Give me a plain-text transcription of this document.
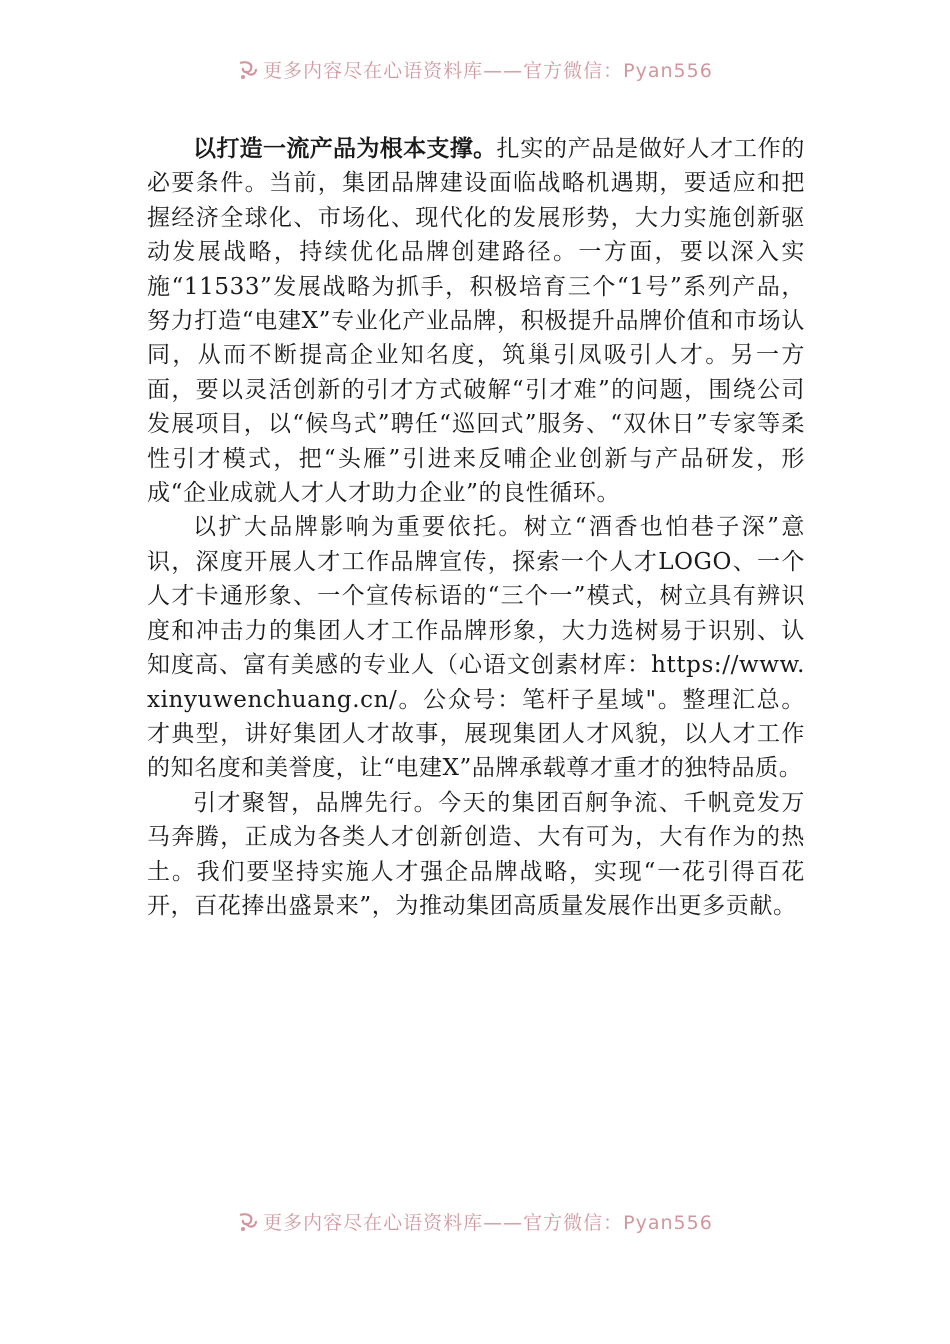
更多内容尽在心语资料库——官方微信：Pyan556

以打造一流产品为根本支撑。扎实的产品是做好人才工作的必要条件。当前，集团品牌建设面临战略机遇期，要适应和把握经济全球化、市场化、现代化的发展形势，大力实施创新驱动发展战略，持续优化品牌创建路径。一方面，要以深入实施“11533”发展战略为抓手，积极培育三个“1号”系列产品，努力打造“电建X”专业化产业品牌，积极提升品牌价值和市场认同，从而不断提高企业知名度，筑巢引凤吸引人才。另一方面，要以灵活创新的引才方式破解“引才难”的问题，围绕公司发展项目，以“候鸟式”聘任“巡回式”服务、“双休日”专家等柔性引才模式，把“头雁”引进来反哺企业创新与产品研发，形成“企业成就人才人才助力企业”的良性循环。

以扩大品牌影响为重要依托。树立“酒香也怕巷子深”意识，深度开展人才工作品牌宣传，探索一个人才LOGO、一个人才卡通形象、一个宣传标语的“三个一”模式，树立具有辨识度和冲击力的集团人才工作品牌形象，大力选树易于识别、认知度高、富有美感的专业人（心语文创素材库：https://www.xinyuwenchuang.cn/。公众号：笔杆子星域"。整理汇总。才典型，讲好集团人才故事，展现集团人才风貌，以人才工作的知名度和美誉度，让“电建X”品牌承载尊才重才的独特品质。

引才聚智，品牌先行。今天的集团百舸争流、千帆竞发万马奔腾，正成为各类人才创新创造、大有可为，大有作为的热土。我们要坚持实施人才强企品牌战略，实现“一花引得百花开，百花捧出盛景来”，为推动集团高质量发展作出更多贡献。

更多内容尽在心语资料库——官方微信：Pyan556
